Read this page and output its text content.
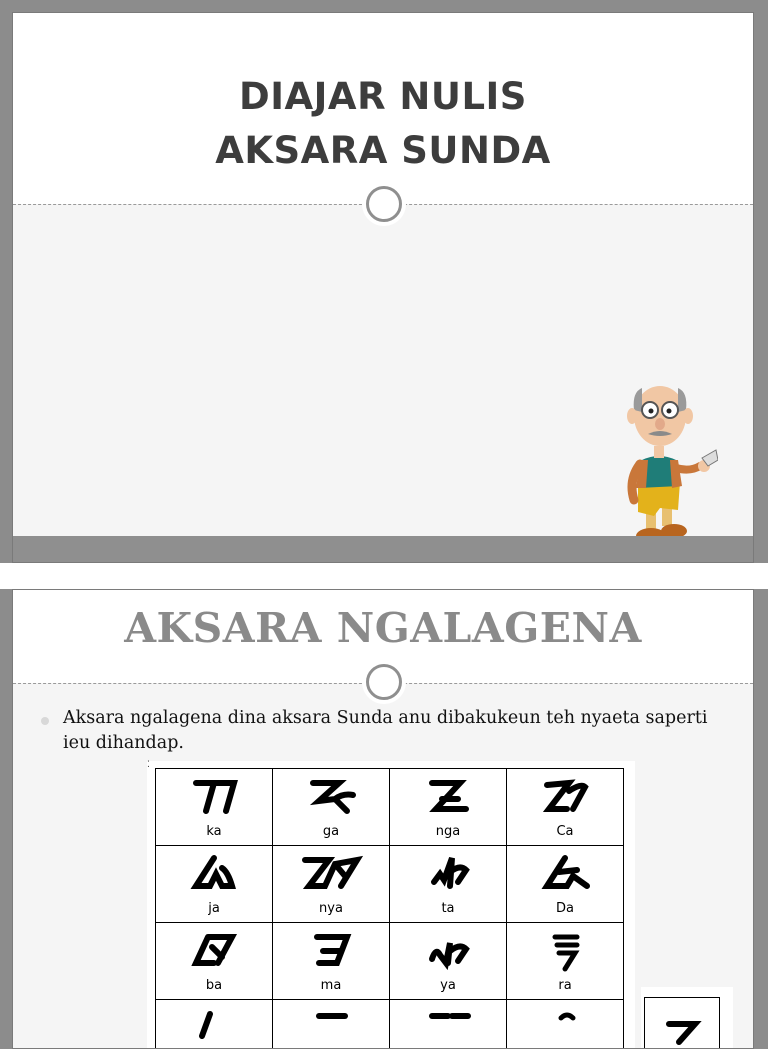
DIAJAR NULIS
AKSARA SUNDA
AKSARA NGALAGENA
Aksara ngalagena dina aksara Sunda anu dibakukeun teh nyaeta saperti ieu dihandap.
ka	ga	nga	Ca

ja	nya	ta	Da

ba	ma	ya	ra

⁚
